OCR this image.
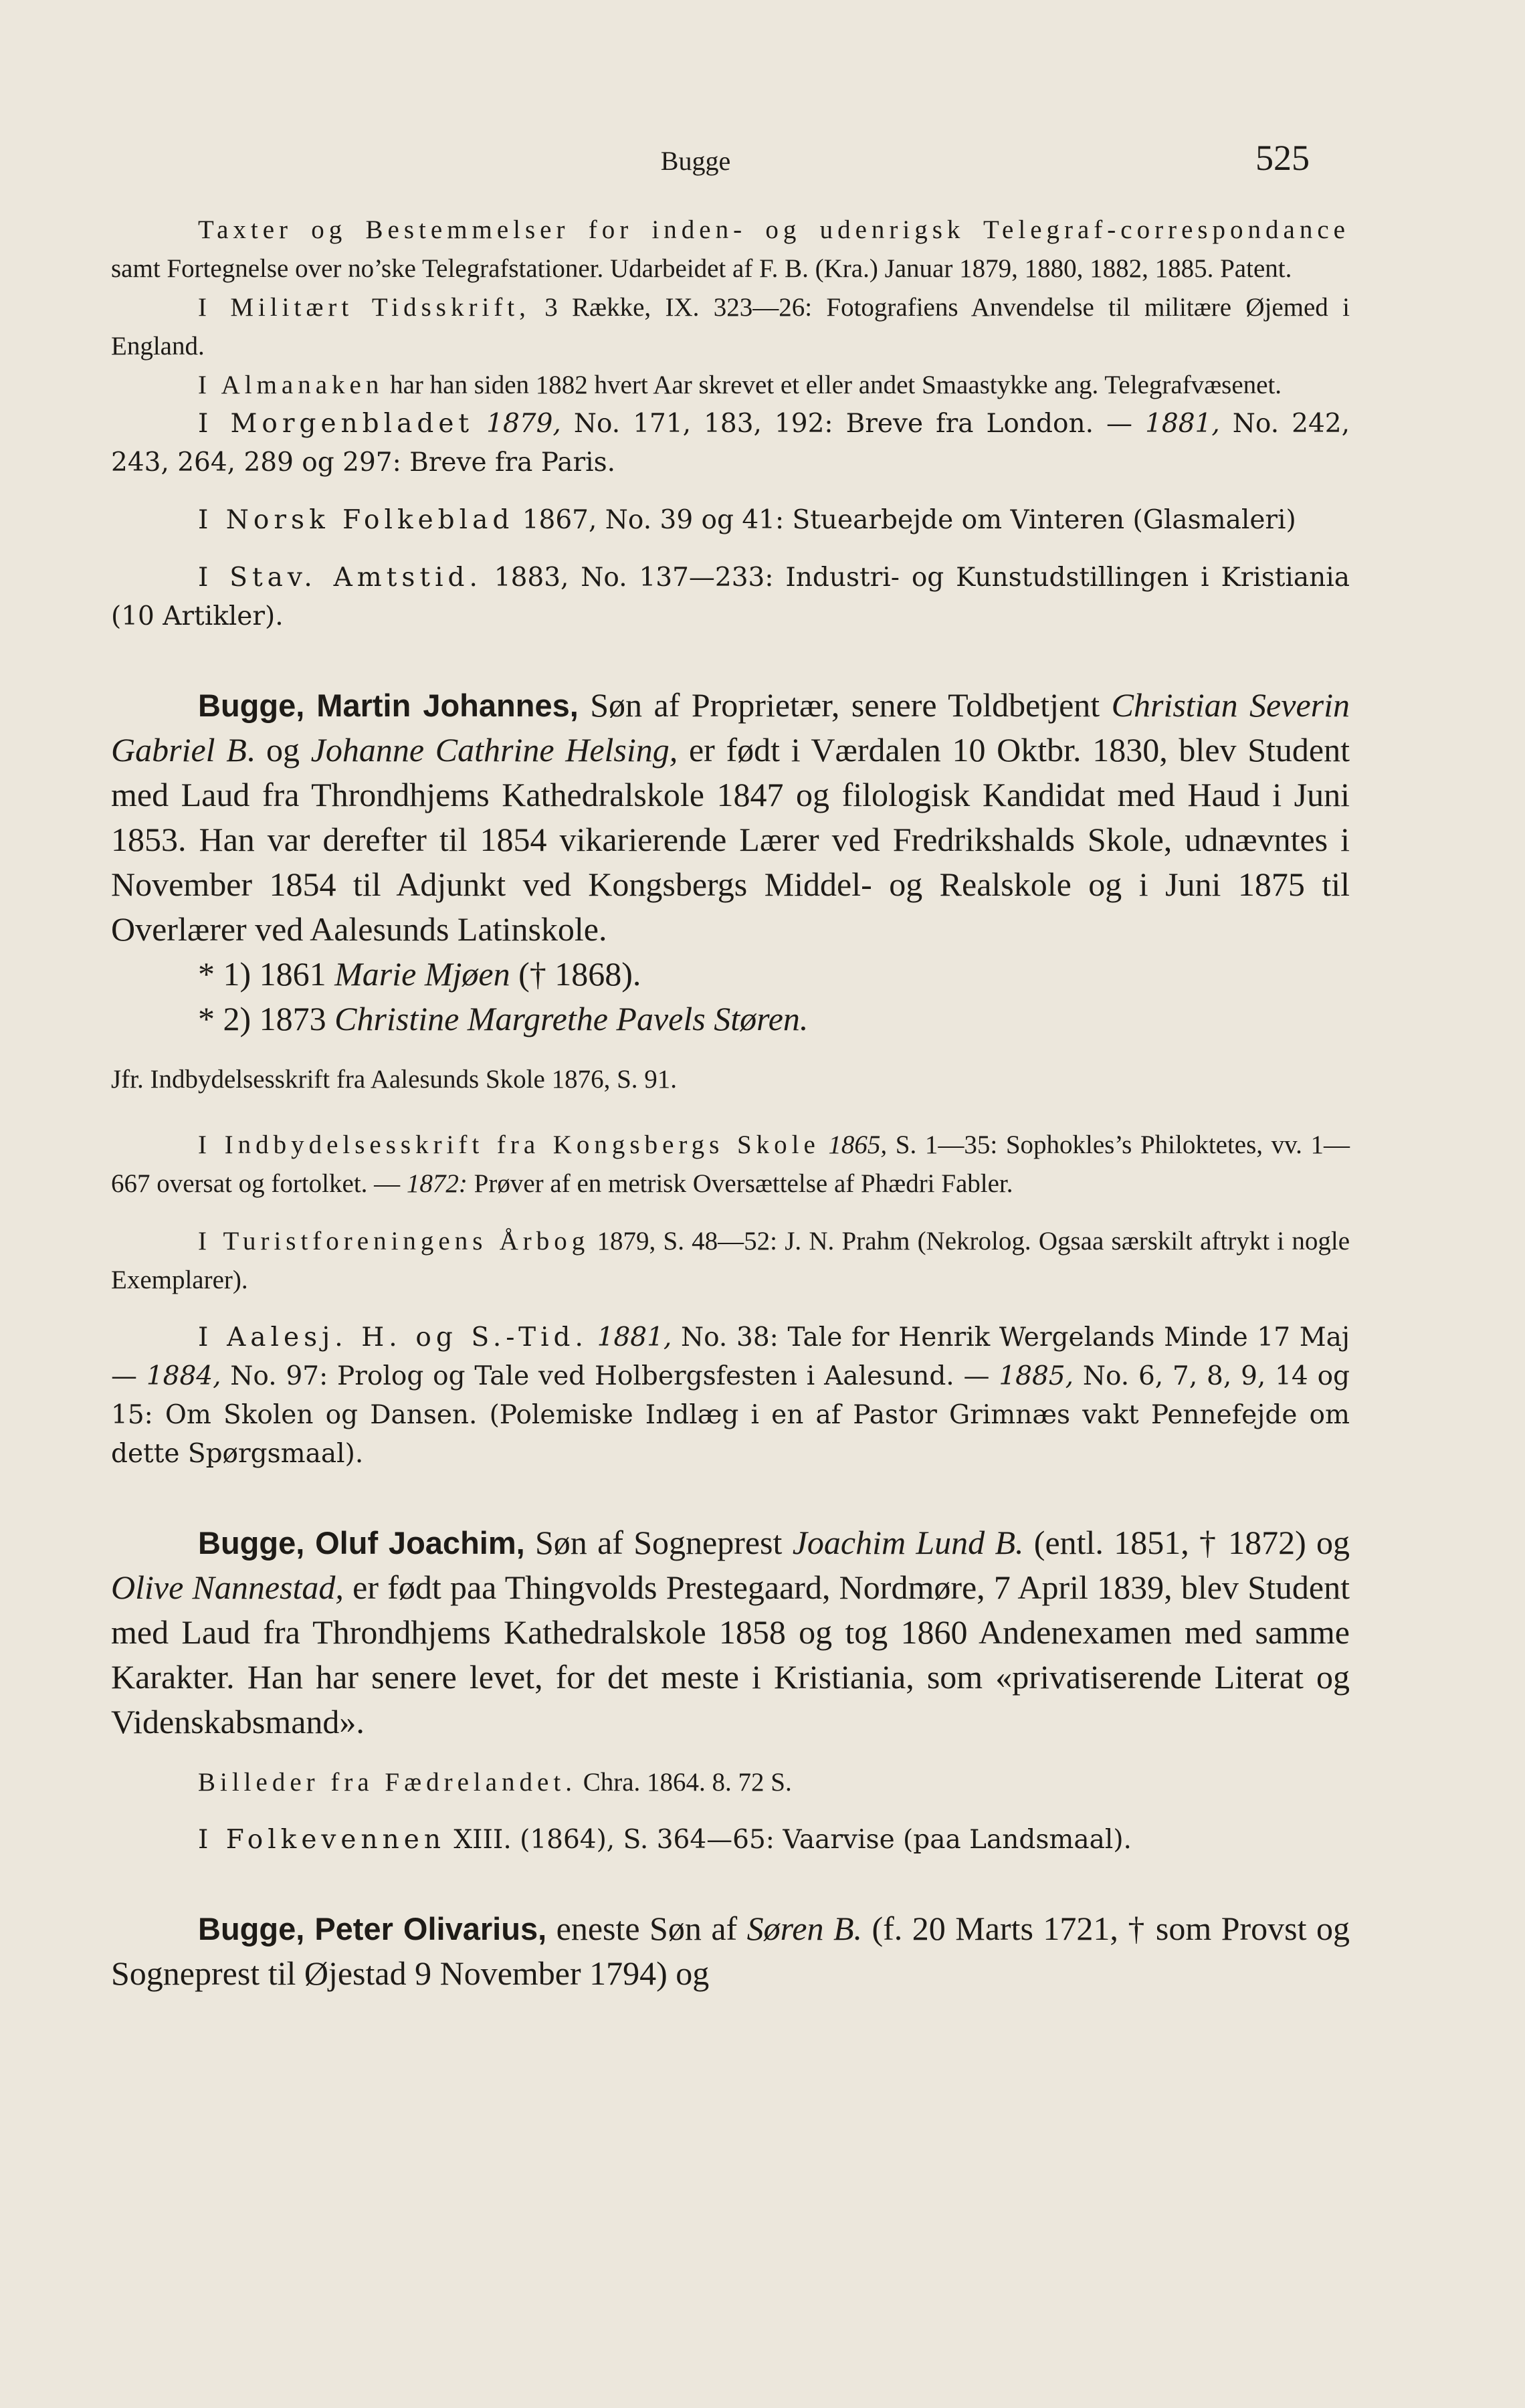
Bugge	525

Taxter og Bestemmelser for inden- og udenrigsk Telegraf-correspondance samt Fortegnelse over no’ske Telegrafstationer. Udarbeidet af F. B. (Kra.) Januar 1879, 1880, 1882, 1885. Patent.

I Militært Tidsskrift, 3 Række, IX. 323—26: Fotografiens Anvendelse til militære Øjemed i England.

I Almanaken har han siden 1882 hvert Aar skrevet et eller andet Smaastykke ang. Telegrafvæsenet.

I Morgenbladet 1879, No. 171, 183, 192: Breve fra London. — 1881, No. 242, 243, 264, 289 og 297: Breve fra Paris.

I Norsk Folkeblad 1867, No. 39 og 41: Stuearbejde om Vinteren (Glasmaleri)

I Stav. Amtstid. 1883, No. 137—233: Industri- og Kunstudstillingen i Kristiania (10 Artikler).

Bugge, Martin Johannes, Søn af Proprietær, senere Toldbetjent Christian Severin Gabriel B. og Johanne Cathrine Helsing, er født i Værdalen 10 Oktbr. 1830, blev Student med Laud fra Throndhjems Kathedralskole 1847 og filologisk Kandidat med Haud i Juni 1853. Han var derefter til 1854 vikarierende Lærer ved Fredrikshalds Skole, udnævntes i November 1854 til Adjunkt ved Kongsbergs Middel- og Realskole og i Juni 1875 til Overlærer ved Aalesunds Latinskole.

* 1) 1861 Marie Mjøen († 1868).

* 2) 1873 Christine Margrethe Pavels Støren.

Jfr. Indbydelsesskrift fra Aalesunds Skole 1876, S. 91.

I Indbydelsesskrift fra Kongsbergs Skole 1865, S. 1—35: Sophokles’s Philoktetes, vv. 1—667 oversat og fortolket. — 1872: Prøver af en metrisk Oversættelse af Phædri Fabler.

I Turistforeningens Årbog 1879, S. 48—52: J. N. Prahm (Nekrolog. Ogsaa særskilt aftrykt i nogle Exemplarer).

I Aalesj. H. og S.-Tid. 1881, No. 38: Tale for Henrik Wergelands Minde 17 Maj — 1884, No. 97: Prolog og Tale ved Holbergsfesten i Aalesund. — 1885, No. 6, 7, 8, 9, 14 og 15: Om Skolen og Dansen. (Polemiske Indlæg i en af Pastor Grimnæs vakt Pennefejde om dette Spørgsmaal).

Bugge, Oluf Joachim, Søn af Sogneprest Joachim Lund B. (entl. 1851, † 1872) og Olive Nannestad, er født paa Thingvolds Prestegaard, Nordmøre, 7 April 1839, blev Student med Laud fra Throndhjems Kathedralskole 1858 og tog 1860 Andenexamen med samme Karakter. Han har senere levet, for det meste i Kristiania, som «privatiserende Literat og Videnskabsmand».

Billeder fra Fædrelandet. Chra. 1864. 8. 72 S.

I Folkevennen XIII. (1864), S. 364—65: Vaarvise (paa Landsmaal).

Bugge, Peter Olivarius, eneste Søn af Søren B. (f. 20 Marts 1721, † som Provst og Sogneprest til Øjestad 9 November 1794) og
